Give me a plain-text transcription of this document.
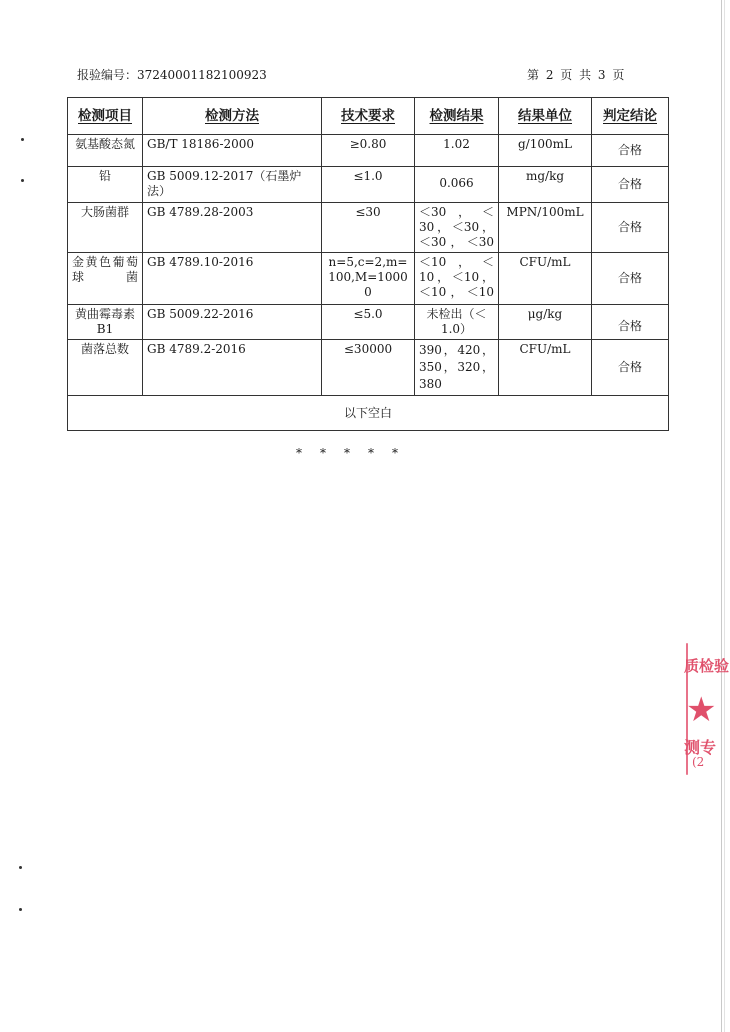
报验编号：37240001182100923	第 2 页 共 3 页
检测项目	检测方法	技术要求	检测结果	结果单位	判定结论
氨基酸态氮	GB/T 18186-2000	≥0.80	1.02	g/100mL	合格
铅	GB 5009.12-2017（石墨炉法）	≤1.0	0.066	mg/kg	合格
大肠菌群	GB 4789.28-2003	≤30	＜30，＜30，＜30，＜30，＜30	MPN/100mL	合格
金黄色葡萄球菌	GB 4789.10-2016	n=5,c=2,m=100,M=10000	＜10，＜10，＜10，＜10，＜10	CFU/mL	合格
黄曲霉毒素B1	GB 5009.22-2016	≤5.0	未检出（＜1.0）	μg/kg	合格
菌落总数	GB 4789.2-2016	≤30000	390，420，350，320，380	CFU/mL	合格
以下空白					
*****
质检验
★
测专
(2
